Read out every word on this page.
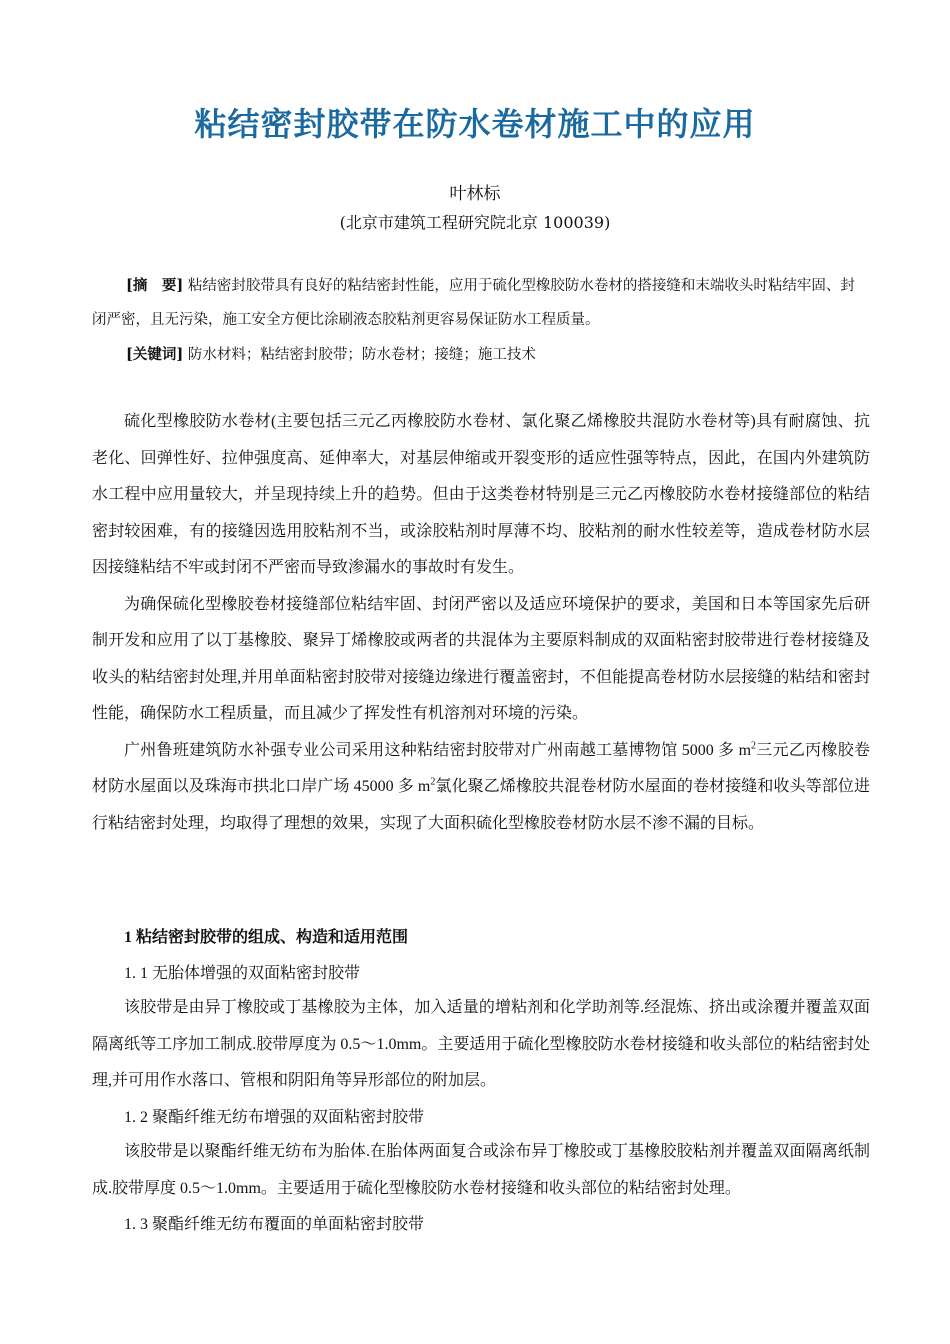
粘结密封胶带在防水卷材施工中的应用
叶林标
(北京市建筑工程研究院北京 100039)

[摘　要] 粘结密封胶带具有良好的粘结密封性能，应用于硫化型橡胶防水卷材的搭接缝和末端收头时粘结牢固、封闭严密，且无污染，施工安全方便比涂刷液态胶粘剂更容易保证防水工程质量。

[关键词] 防水材料；粘结密封胶带；防水卷材；接缝；施工技术

硫化型橡胶防水卷材(主要包括三元乙丙橡胶防水卷材、氯化聚乙烯橡胶共混防水卷材等)具有耐腐蚀、抗老化、回弹性好、拉伸强度高、延伸率大，对基层伸缩或开裂变形的适应性强等特点，因此，在国内外建筑防水工程中应用量较大，并呈现持续上升的趋势。但由于这类卷材特别是三元乙丙橡胶防水卷材接缝部位的粘结密封较困难，有的接缝因选用胶粘剂不当，或涂胶粘剂时厚薄不均、胶粘剂的耐水性较差等，造成卷材防水层因接缝粘结不牢或封闭不严密而导致渗漏水的事故时有发生。

为确保硫化型橡胶卷材接缝部位粘结牢固、封闭严密以及适应环境保护的要求，美国和日本等国家先后研制开发和应用了以丁基橡胶、聚异丁烯橡胶或两者的共混体为主要原料制成的双面粘密封胶带进行卷材接缝及收头的粘结密封处理,并用单面粘密封胶带对接缝边缘进行覆盖密封，不但能提高卷材防水层接缝的粘结和密封性能，确保防水工程质量，而且减少了挥发性有机溶剂对环境的污染。

广州鲁班建筑防水补强专业公司采用这种粘结密封胶带对广州南越工墓博物馆 5000 多 $m^2$三元乙丙橡胶卷材防水屋面以及珠海市拱北口岸广场 45000 多 $m^2$氯化聚乙烯橡胶共混卷材防水屋面的卷材接缝和收头等部位进行粘结密封处理，均取得了理想的效果，实现了大面积硫化型橡胶卷材防水层不渗不漏的目标。

1 粘结密封胶带的组成、构造和适用范围
1. 1 无胎体增强的双面粘密封胶带

该胶带是由异丁橡胶或丁基橡胶为主体，加入适量的增粘剂和化学助剂等.经混炼、挤出或涂覆并覆盖双面隔离纸等工序加工制成.胶带厚度为 0.5～1.0mm。主要适用于硫化型橡胶防水卷材接缝和收头部位的粘结密封处理,并可用作水落口、管根和阴阳角等异形部位的附加层。

1. 2 聚酯纤维无纺布增强的双面粘密封胶带

该胶带是以聚酯纤维无纺布为胎体.在胎体两面复合或涂布异丁橡胶或丁基橡胶胶粘剂并覆盖双面隔离纸制成.胶带厚度 0.5～1.0mm。主要适用于硫化型橡胶防水卷材接缝和收头部位的粘结密封处理。

1. 3 聚酯纤维无纺布覆面的单面粘密封胶带
